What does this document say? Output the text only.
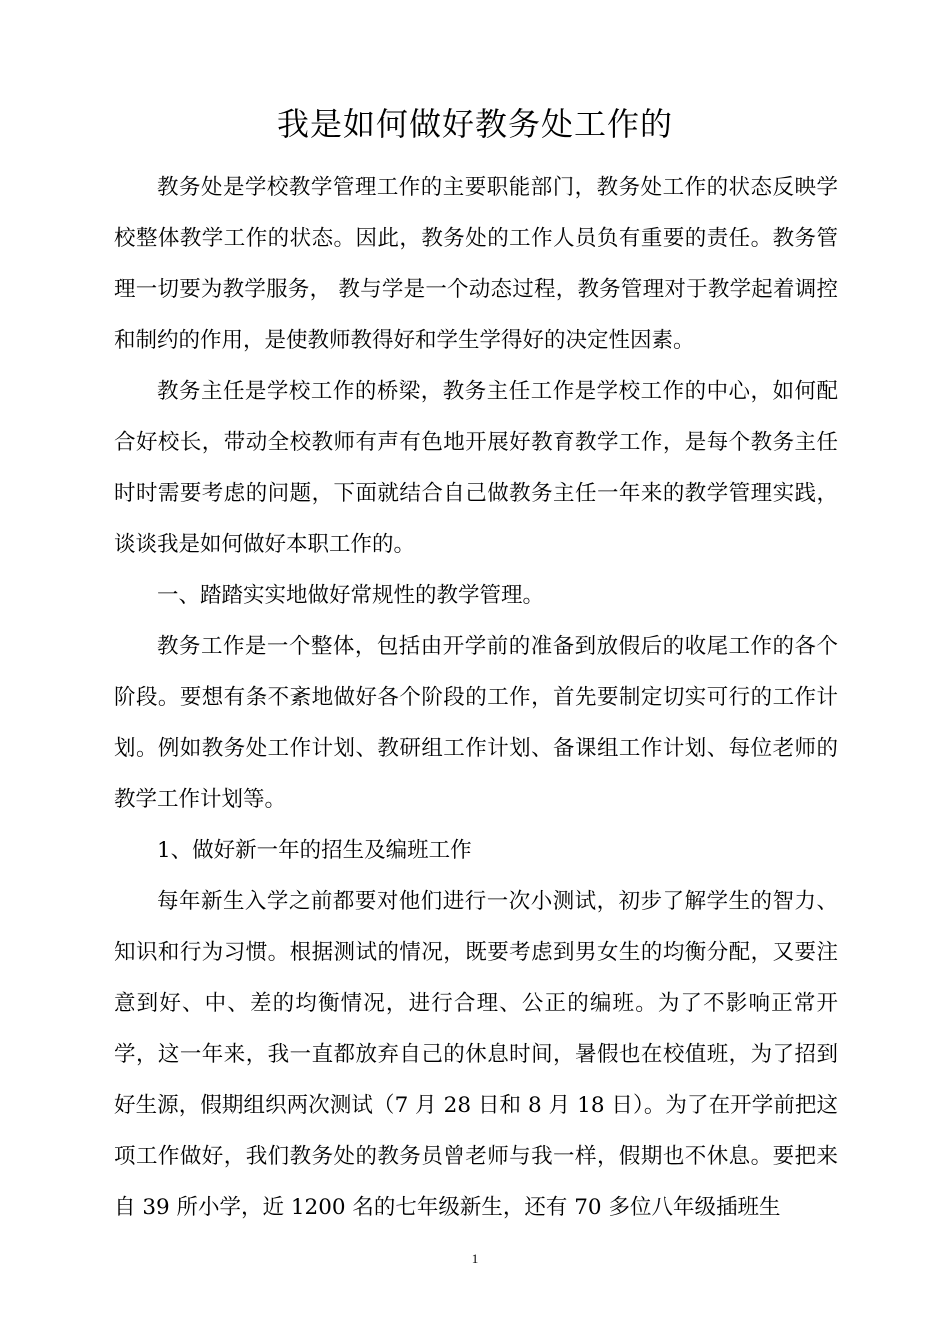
我是如何做好教务处工作的

教务处是学校教学管理工作的主要职能部门，教务处工作的状态反映学校整体教学工作的状态。因此，教务处的工作人员负有重要的责任。教务管理一切要为教学服务， 教与学是一个动态过程，教务管理对于教学起着调控和制约的作用，是使教师教得好和学生学得好的决定性因素。

教务主任是学校工作的桥梁，教务主任工作是学校工作的中心，如何配合好校长，带动全校教师有声有色地开展好教育教学工作，是每个教务主任时时需要考虑的问题，下面就结合自己做教务主任一年来的教学管理实践，谈谈我是如何做好本职工作的。

一、踏踏实实地做好常规性的教学管理。

教务工作是一个整体，包括由开学前的准备到放假后的收尾工作的各个阶段。要想有条不紊地做好各个阶段的工作，首先要制定切实可行的工作计划。例如教务处工作计划、教研组工作计划、备课组工作计划、每位老师的教学工作计划等。

1、做好新一年的招生及编班工作

每年新生入学之前都要对他们进行一次小测试，初步了解学生的智力、知识和行为习惯。根据测试的情况，既要考虑到男女生的均衡分配，又要注意到好、中、差的均衡情况，进行合理、公正的编班。为了不影响正常开学，这一年来，我一直都放弃自己的休息时间，暑假也在校值班，为了招到好生源，假期组织两次测试（7 月 28 日和 8 月 18 日）。为了在开学前把这项工作做好，我们教务处的教务员曾老师与我一样，假期也不休息。要把来自 39 所小学，近 1200 名的七年级新生，还有 70 多位八年级插班生

1
